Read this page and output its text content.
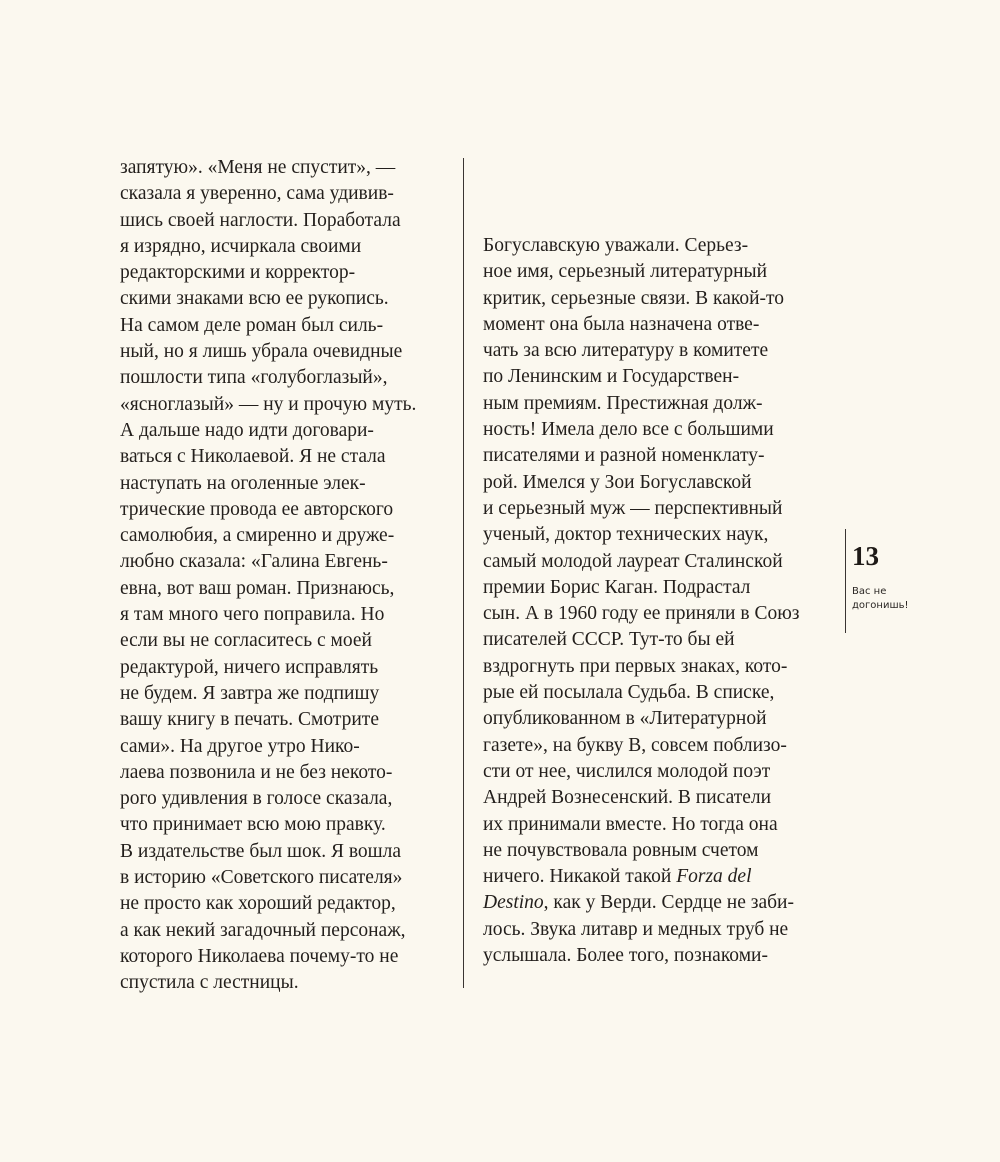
запятую». «Меня не спустит», —
сказала я уверенно, сама удивив-
шись своей наглости. Поработала
я изрядно, исчиркала своими
редакторскими и корректор-
скими знаками всю ее рукопись.
На самом деле роман был силь-
ный, но я лишь убрала очевидные
пошлости типа «голубоглазый»,
«ясноглазый» — ну и прочую муть.
А дальше надо идти договари-
ваться с Николаевой. Я не стала
наступать на оголенные элек-
трические провода ее авторского
самолюбия, а смиренно и друже-
любно сказала: «Галина Евгень-
евна, вот ваш роман. Признаюсь,
я там много чего поправила. Но
если вы не согласитесь с моей
редактурой, ничего исправлять
не будем. Я завтра же подпишу
вашу книгу в печать. Смотрите
сами». На другое утро Нико-
лаева позвонила и не без некото-
рого удивления в голосе сказала,
что принимает всю мою правку.
В издательстве был шок. Я вошла
в историю «Советского писателя»
не просто как хороший редактор,
а как некий загадочный персонаж,
которого Николаева почему-то не
спустила с лестницы.
Богуславскую уважали. Серьез-
ное имя, серьезный литературный
критик, серьезные связи. В какой-то
момент она была назначена отве-
чать за всю литературу в комитете
по Ленинским и Государствен-
ным премиям. Престижная долж-
ность! Имела дело все с большими
писателями и разной номенклату-
рой. Имелся у Зои Богуславской
и серьезный муж — перспективный
ученый, доктор технических наук,
самый молодой лауреат Сталинской
премии Борис Каган. Подрастал
сын. А в 1960 году ее приняли в Союз
писателей СССР. Тут-то бы ей
вздрогнуть при первых знаках, кото-
рые ей посылала Судьба. В списке,
опубликованном в «Литературной
газете», на букву В, совсем поблизо-
сти от нее, числился молодой поэт
Андрей Вознесенский. В писатели
их принимали вместе. Но тогда она
не почувствовала ровным счетом
ничего. Никакой такой Forza del
Destino, как у Верди. Сердце не заби-
лось. Звука литавр и медных труб не
услышала. Более того, познакоми-
13
Вас не
догонишь!
